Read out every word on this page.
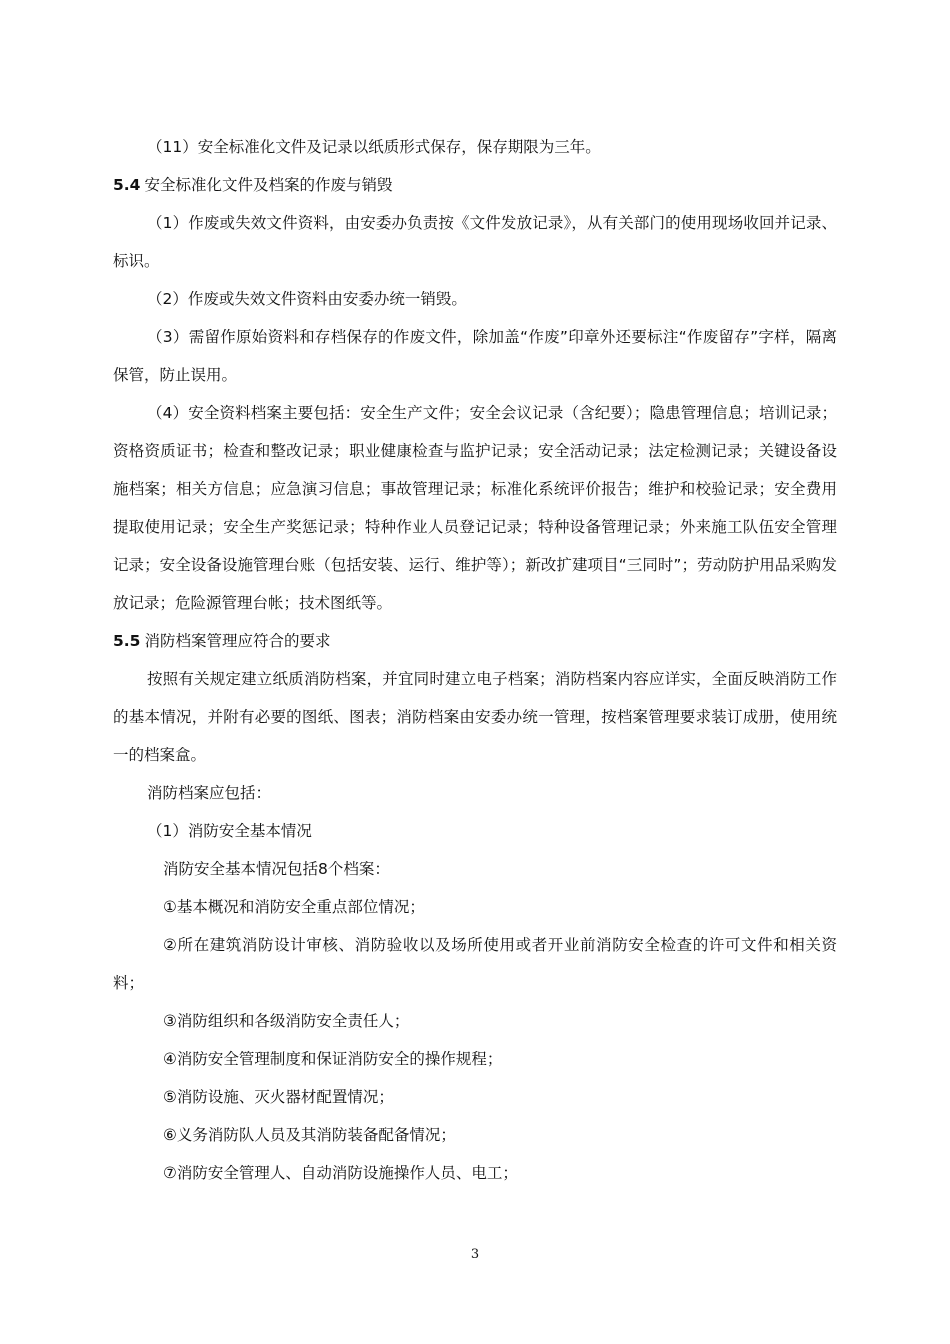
（11）安全标准化文件及记录以纸质形式保存，保存期限为三年。

5.4 安全标准化文件及档案的作废与销毁

（1）作废或失效文件资料，由安委办负责按《文件发放记录》，从有关部门的使用现场收回并记录、标识。

（2）作废或失效文件资料由安委办统一销毁。

（3）需留作原始资料和存档保存的作废文件，除加盖“作废”印章外还要标注“作废留存”字样，隔离保管，防止误用。

（4）安全资料档案主要包括：安全生产文件；安全会议记录（含纪要）；隐患管理信息；培训记录；资格资质证书；检查和整改记录；职业健康检查与监护记录；安全活动记录；法定检测记录；关键设备设施档案；相关方信息；应急演习信息；事故管理记录；标准化系统评价报告；维护和校验记录；安全费用提取使用记录；安全生产奖惩记录；特种作业人员登记记录；特种设备管理记录；外来施工队伍安全管理记录；安全设备设施管理台账（包括安装、运行、维护等）；新改扩建项目“三同时”；劳动防护用品采购发放记录；危险源管理台帐；技术图纸等。

5.5 消防档案管理应符合的要求

按照有关规定建立纸质消防档案，并宜同时建立电子档案；消防档案内容应详实，全面反映消防工作的基本情况，并附有必要的图纸、图表；消防档案由安委办统一管理，按档案管理要求装订成册，使用统一的档案盒。

消防档案应包括：

（1）消防安全基本情况

消防安全基本情况包括8个档案：

①基本概况和消防安全重点部位情况；

②所在建筑消防设计审核、消防验收以及场所使用或者开业前消防安全检查的许可文件和相关资料；

③消防组织和各级消防安全责任人；

④消防安全管理制度和保证消防安全的操作规程；

⑤消防设施、灭火器材配置情况；

⑥义务消防队人员及其消防装备配备情况；

⑦消防安全管理人、自动消防设施操作人员、电工；

3
